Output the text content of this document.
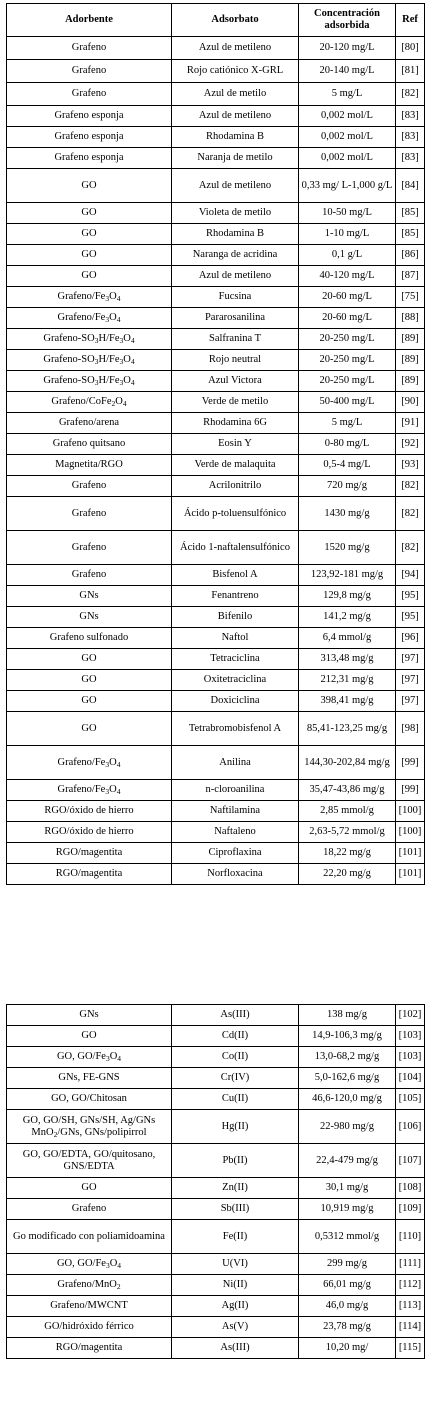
Adorbente	Adsorbato	Concentración adsorbida	Ref
Grafeno	Azul de metileno	20-120 mg/L	[80]
Grafeno	Rojo catiónico X-GRL	20-140 mg/L	[81]
Grafeno	Azul de metilo	5 mg/L	[82]
Grafeno esponja	Azul de metileno	0,002 mol/L	[83]
Grafeno esponja	Rhodamina B	0,002 mol/L	[83]
Grafeno esponja	Naranja de metilo	0,002 mol/L	[83]
GO	Azul de metileno	0,33 mg/ L-1,000 g/L	[84]
GO	Violeta de metilo	10-50 mg/L	[85]
GO	Rhodamina B	1-10 mg/L	[85]
GO	Naranga de acridina	0,1 g/L	[86]
GO	Azul de metileno	40-120 mg/L	[87]
Grafeno/$Fe_3O_4$	Fucsina	20-60 mg/L	[75]
Grafeno/$Fe_3O_4$	Pararosanilina	20-60 mg/L	[88]
Grafeno-$SO_3H/Fe_3O_4$	Salfranina T	20-250 mg/L	[89]
Grafeno-$SO_3H/Fe_3O_4$	Rojo neutral	20-250 mg/L	[89]
Grafeno-$SO_3H/Fe_3O_4$	Azul Victora	20-250 mg/L	[89]
Grafeno/$CoFe_2O_4$	Verde de metilo	50-400 mg/L	[90]
Grafeno/arena	Rhodamina 6G	5 mg/L	[91]
Grafeno quitsano	Eosin Y	0-80 mg/L	[92]
Magnetita/RGO	Verde de malaquita	0,5-4 mg/L	[93]
Grafeno	Acrilonitrilo	720 mg/g	[82]
Grafeno	Ácido p-toluensulfónico	1430 mg/g	[82]
Grafeno	Ácido 1-naftalensulfónico	1520 mg/g	[82]
Grafeno	Bisfenol A	123,92-181 mg/g	[94]
GNs	Fenantreno	129,8 mg/g	[95]
GNs	Bifenilo	141,2 mg/g	[95]
Grafeno sulfonado	Naftol	6,4 mmol/g	[96]
GO	Tetraciclina	313,48 mg/g	[97]
GO	Oxitetraciclina	212,31 mg/g	[97]
GO	Doxiciclina	398,41 mg/g	[97]
GO	Tetrabromobisfenol A	85,41-123,25 mg/g	[98]
Grafeno/$Fe_3O_4$	Anilina	144,30-202,84 mg/g	[99]
Grafeno/$Fe_3O_4$	n-cloroanilina	35,47-43,86 mg/g	[99]
RGO/óxido de hierro	Naftilamina	2,85 mmol/g	[100]
RGO/óxido de hierro	Naftaleno	2,63-5,72 mmol/g	[100]
RGO/magentita	Ciproflaxina	18,22 mg/g	[101]
RGO/magentita	Norfloxacina	22,20 mg/g	[101]
GNs	As(III)	138 mg/g	[102]
GO	Cd(II)	14,9-106,3 mg/g	[103]
GO, $GO/Fe_3O_4$	Co(II)	13,0-68,2 mg/g	[103]
GNs, FE-GNS	Cr(IV)	5,0-162,6 mg/g	[104]
GO, GO/Chitosan	Cu(II)	46,6-120,0 mg/g	[105]
GO, GO/SH, GNs/SH, Ag/GNs MnO$_2$/GNs, GNs/polipirrol	Hg(II)	22-980 mg/g	[106]
GO, GO/EDTA, GO/quitosano, GNS/EDTA	Pb(II)	22,4-479 mg/g	[107]
GO	Zn(II)	30,1 mg/g	[108]
Grafeno	Sb(III)	10,919 mg/g	[109]
Go modificado con poliamidoamina	Fe(II)	0,5312 mmol/g	[110]
GO, $GO/Fe_3O_4$	U(VI)	299 mg/g	[111]
Grafeno/MnO$_2$	Ni(II)	66,01 mg/g	[112]
Grafeno/MWCNT	Ag(II)	46,0 mg/g	[113]
GO/hidróxido férrico	As(V)	23,78 mg/g	[114]
RGO/magentita	As(III)	10,20 mg/	[115]
